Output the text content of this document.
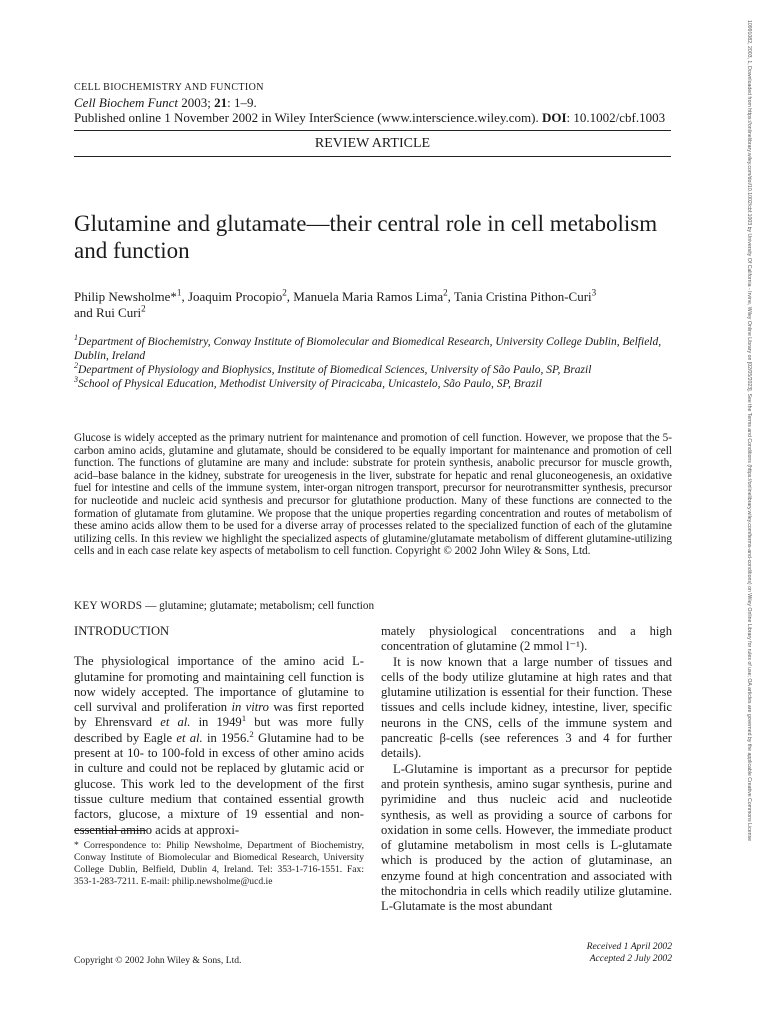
CELL BIOCHEMISTRY AND FUNCTION
Cell Biochem Funct 2003; 21: 1–9.
Published online 1 November 2002 in Wiley InterScience (www.interscience.wiley.com). DOI: 10.1002/cbf.1003
REVIEW ARTICLE
Glutamine and glutamate—their central role in cell metabolism and function
Philip Newsholme*$^1$, Joaquim Procopio$^2$, Manuela Maria Ramos Lima$^2$, Tania Cristina Pithon-Curi$^3$
and Rui Curi$^2$
$^1$Department of Biochemistry, Conway Institute of Biomolecular and Biomedical Research, University College Dublin, Belfield, Dublin, Ireland
$^2$Department of Physiology and Biophysics, Institute of Biomedical Sciences, University of São Paulo, SP, Brazil
$^3$School of Physical Education, Methodist University of Piracicaba, Unicastelo, São Paulo, SP, Brazil
Glucose is widely accepted as the primary nutrient for maintenance and promotion of cell function. However, we propose that the 5-carbon amino acids, glutamine and glutamate, should be considered to be equally important for maintenance and promotion of cell function. The functions of glutamine are many and include: substrate for protein synthesis, anabolic precursor for muscle growth, acid–base balance in the kidney, substrate for ureogenesis in the liver, substrate for hepatic and renal gluconeogenesis, an oxidative fuel for intestine and cells of the immune system, inter-organ nitrogen transport, precursor for neurotransmitter synthesis, precursor for nucleotide and nucleic acid synthesis and precursor for glutathione production. Many of these functions are connected to the formation of glutamate from glutamine. We propose that the unique properties regarding concentration and routes of metabolism of these amino acids allow them to be used for a diverse array of processes related to the specialized function of each of the glutamine utilizing cells. In this review we highlight the specialized aspects of glutamine/glutamate metabolism of different glutamine-utilizing cells and in each case relate key aspects of metabolism to cell function. Copyright © 2002 John Wiley & Sons, Ltd.
KEY WORDS — glutamine; glutamate; metabolism; cell function
INTRODUCTION

The physiological importance of the amino acid L-glutamine for promoting and maintaining cell function is now widely accepted. The importance of glutamine to cell survival and proliferation in vitro was first reported by Ehrensvard et al. in 1949$^1$ but was more fully described by Eagle et al. in 1956.$^2$ Glutamine had to be present at 10- to 100-fold in excess of other amino acids in culture and could not be replaced by glutamic acid or glucose. This work led to the development of the first tissue culture medium that contained essential growth factors, glucose, a mixture of 19 essential and non-essential amino acids at approxi-

mately physiological concentrations and a high concentration of glutamine (2 mmol l⁻¹).

It is now known that a large number of tissues and cells of the body utilize glutamine at high rates and that glutamine utilization is essential for their function. These tissues and cells include kidney, intestine, liver, specific neurons in the CNS, cells of the immune system and pancreatic β-cells (see references 3 and 4 for further details).

L-Glutamine is important as a precursor for peptide and protein synthesis, amino sugar synthesis, purine and pyrimidine and thus nucleic acid and nucleotide synthesis, as well as providing a source of carbons for oxidation in some cells. However, the immediate product of glutamine metabolism in most cells is L-glutamate which is produced by the action of glutaminase, an enzyme found at high concentration and associated with the mitochondria in cells which readily utilize glutamine. L-Glutamate is the most abundant

* Correspondence to: Philip Newsholme, Department of Biochemistry, Conway Institute of Biomolecular and Biomedical Research, University College Dublin, Belfield, Dublin 4, Ireland. Tel: 353-1-716-1551. Fax: 353-1-283-7211. E-mail: philip.newsholme@ucd.ie
Copyright © 2002 John Wiley & Sons, Ltd.
Received 1 April 2002
Accepted 2 July 2002
10991082, 2003, 1, Downloaded from https://onlinelibrary.wiley.com/doi/10.1002/cbf.1003 by University Of California - Irvine, Wiley Online Library on [02/05/2023]. See the Terms and Conditions (https://onlinelibrary.wiley.com/terms-and-conditions) on Wiley Online Library for rules of use; OA articles are governed by the applicable Creative Commons License
